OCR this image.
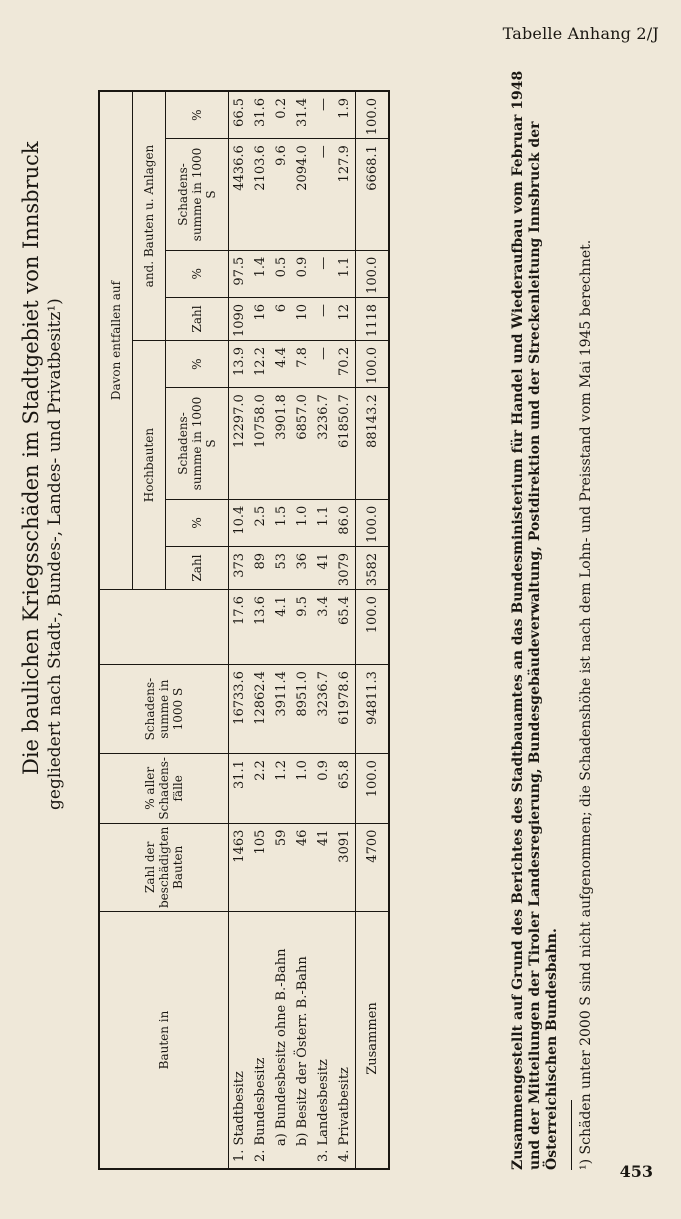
Tabelle Anhang 2/J
Die baulichen Kriegsschäden im Stadtgebiet von Innsbruck gegliedert nach Stadt-, Bundes-, Landes- und Privatbesitz¹)
Bauten in	Zahl der beschädigten Bauten	% aller Schadens-fälle	Schadens-summe in 1000 S		Davon entfallen auf							
					Hochbauten				and. Bauten u. Anlagen			
					Zahl	%	Schadens-summe in 1000 S	%	Zahl	%	Schadens-summe in 1000 S	%
1. Stadtbesitz	1463	31.1	16733.6	17.6	373	10.4	12297.0	13.9	1090	97.5	4436.6	66.5
2. Bundesbesitz	105	2.2	12862.4	13.6	89	2.5	10758.0	12.2	16	1.4	2103.6	31.6
a) Bundesbesitz ohne B.-Bahn	59	1.2	3911.4	4.1	53	1.5	3901.8	4.4	6	0.5	9.6	0.2
b) Besitz der Österr. B.-Bahn	46	1.0	8951.0	9.5	36	1.0	6857.0	7.8	10	0.9	2094.0	31.4
3. Landesbesitz	41	0.9	3236.7	3.4	41	1.1	3236.7	—	—	—	—	—
4. Privatbesitz	3091	65.8	61978.6	65.4	3079	86.0	61850.7	70.2	12	1.1	127.9	1.9
Zusammen	4700	100.0	94811.3	100.0	3582	100.0	88143.2	100.0	1118	100.0	6668.1	100.0	Zusammengestellt auf Grund des Berichtes des Stadtbauamtes an das Bundesministerium für Handel und Wiederaufbau vom Februar 1948 und der Mitteilungen der Tiroler Landesregierung, Bundesgebäudeverwaltung, Postdirektion und der Streckenleitung Innsbruck der Österreichischen Bundesbahn. ¹) Schäden unter 2000 S sind nicht aufgenommen; die Schadenshöhe ist nach dem Lohn- und Preisstand vom Mai 1945 berechnet.
453
